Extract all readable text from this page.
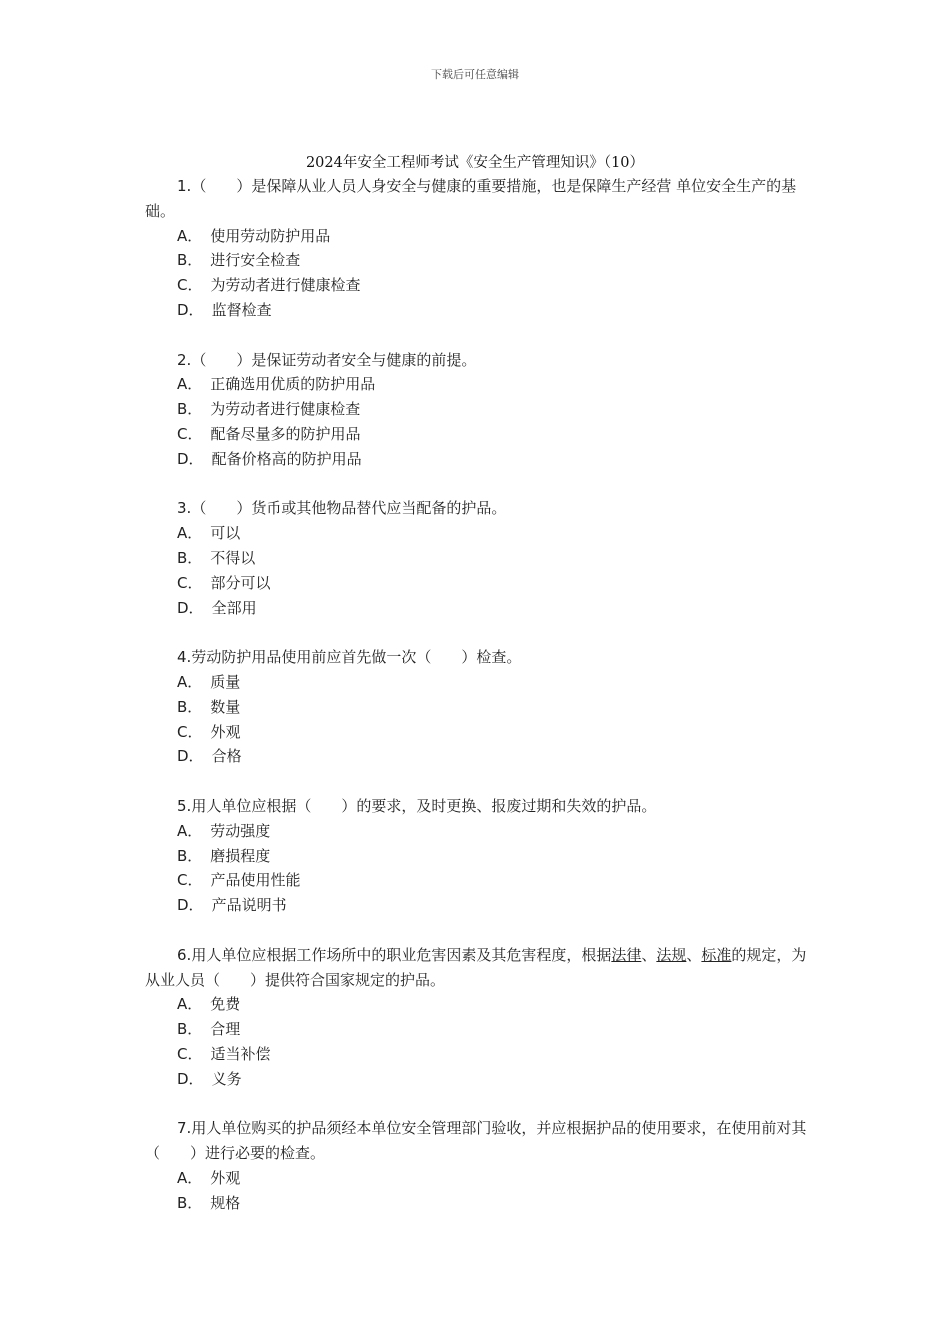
下载后可任意编辑
2024年安全工程师考试《安全生产管理知识》（10）

1.（　　）是保障从业人员人身安全与健康的重要措施，也是保障生产经营 单位安全生产的基础。

A． 使用劳动防护用品
B． 进行安全检查
C． 为劳动者进行健康检查
D． 监督检查

2.（　　）是保证劳动者安全与健康的前提。

A． 正确选用优质的防护用品
B． 为劳动者进行健康检查
C． 配备尽量多的防护用品
D． 配备价格高的防护用品

3.（　　）货币或其他物品替代应当配备的护品。

A． 可以
B． 不得以
C． 部分可以
D． 全部用

4.劳动防护用品使用前应首先做一次（　　）检查。

A． 质量
B． 数量
C． 外观
D． 合格

5.用人单位应根据（　　）的要求，及时更换、报废过期和失效的护品。

A． 劳动强度
B． 磨损程度
C． 产品使用性能
D． 产品说明书

6.用人单位应根据工作场所中的职业危害因素及其危害程度，根据法律、法规、标准的规定，为从业人员（　　）提供符合国家规定的护品。

A． 免费
B． 合理
C． 适当补偿
D． 义务

7.用人单位购买的护品须经本单位安全管理部门验收，并应根据护品的使用要求，在使用前对其（　　）进行必要的检查。

A． 外观
B． 规格
